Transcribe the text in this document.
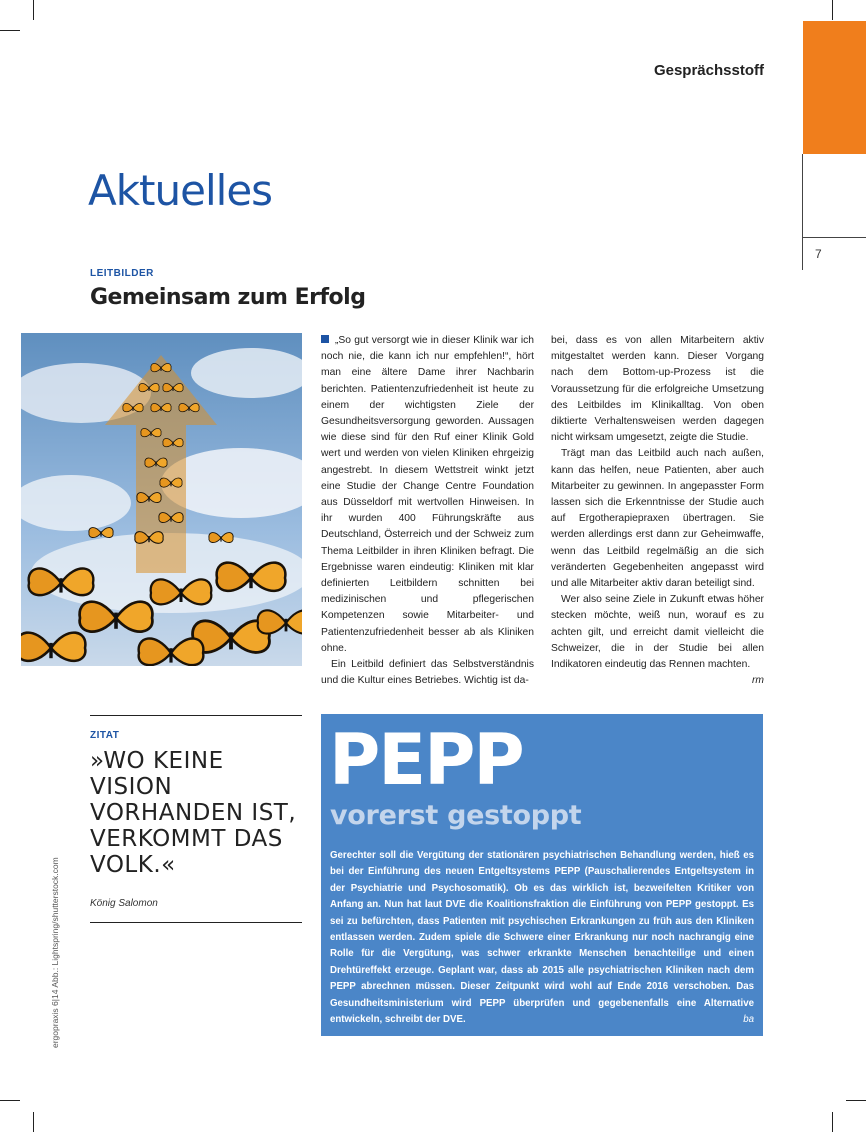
7
Gesprächsstoff
Aktuelles
LEITBILDER
Gemeinsam zum Erfolg

„So gut versorgt wie in dieser Klinik war ich noch nie, die kann ich nur empfehlen!“, hört man eine ältere Dame ihrer Nachbarin berichten. Patientenzufriedenheit ist heute zu einem der wichtigsten Ziele der Gesundheitsversorgung geworden. Aussagen wie diese sind für den Ruf einer Klinik Gold wert und werden von vielen Kliniken ehrgeizig angestrebt. In diesem Wettstreit winkt jetzt eine Studie der Change Centre Foundation aus Düsseldorf mit wertvollen Hinweisen. In ihr wurden 400 Führungskräfte aus Deutschland, Österreich und der Schweiz zum Thema Leitbilder in ihren Kliniken befragt. Die Ergebnisse waren eindeutig: Kliniken mit klar definierten Leitbildern schnitten bei medizinischen und pflegerischen Kompetenzen sowie Mitarbeiter- und Patientenzufriedenheit besser ab als Kliniken ohne.

Ein Leitbild definiert das Selbstverständnis und die Kultur eines Betriebes. Wichtig ist da-

bei, dass es von allen Mitarbeitern aktiv mitgestaltet werden kann. Dieser Vorgang nach dem Bottom-up-Prozess ist die Voraussetzung für die erfolgreiche Umsetzung des Leitbildes im Klinikalltag. Von oben diktierte Verhaltensweisen werden dagegen nicht wirksam umgesetzt, zeigte die Studie.

Trägt man das Leitbild auch nach außen, kann das helfen, neue Patienten, aber auch Mitarbeiter zu gewinnen. In angepasster Form lassen sich die Erkenntnisse der Studie auch auf Ergotherapiepraxen übertragen. Sie werden allerdings erst dann zur Geheimwaffe, wenn das Leitbild regelmäßig an die sich veränderten Gegebenheiten angepasst wird und alle Mitarbeiter aktiv daran beteiligt sind.

Wer also seine Ziele in Zukunft etwas höher stecken möchte, weiß nun, worauf es zu achten gilt, und erreicht damit vielleicht die Schweizer, die in der Studie bei allen Indikatoren eindeutig das Rennen machten.
rm

ZITAT
»WO KEINE VISION VORHANDEN IST, VERKOMMT DAS VOLK.«
König Salomon
ergopraxis 6|14 Abb.: Lightspring/shutterstock.com
PEPP
vorerst gestoppt
Gerechter soll die Vergütung der stationären psychiatrischen Behandlung werden, hieß es bei der Einführung des neuen Entgeltsystems PEPP (Pauschalierendes Entgeltsystem in der Psychiatrie und Psychosomatik). Ob es das wirklich ist, bezweifelten Kritiker von Anfang an. Nun hat laut DVE die Koalitionsfraktion die Einführung von PEPP gestoppt. Es sei zu befürchten, dass Patienten mit psychischen Erkrankungen zu früh aus den Kliniken entlassen werden. Zudem spiele die Schwere einer Erkrankung nur noch nachrangig eine Rolle für die Vergütung, was schwer erkrankte Menschen benachteilige und einen Drehtüreffekt erzeuge. Geplant war, dass ab 2015 alle psychiatrischen Kliniken nach dem PEPP abrechnen müssen. Dieser Zeitpunkt wird wohl auf Ende 2016 verschoben. Das Gesundheitsministerium wird PEPP überprüfen und gegebenenfalls eine Alternative entwickeln, schreibt der DVE.	ba
